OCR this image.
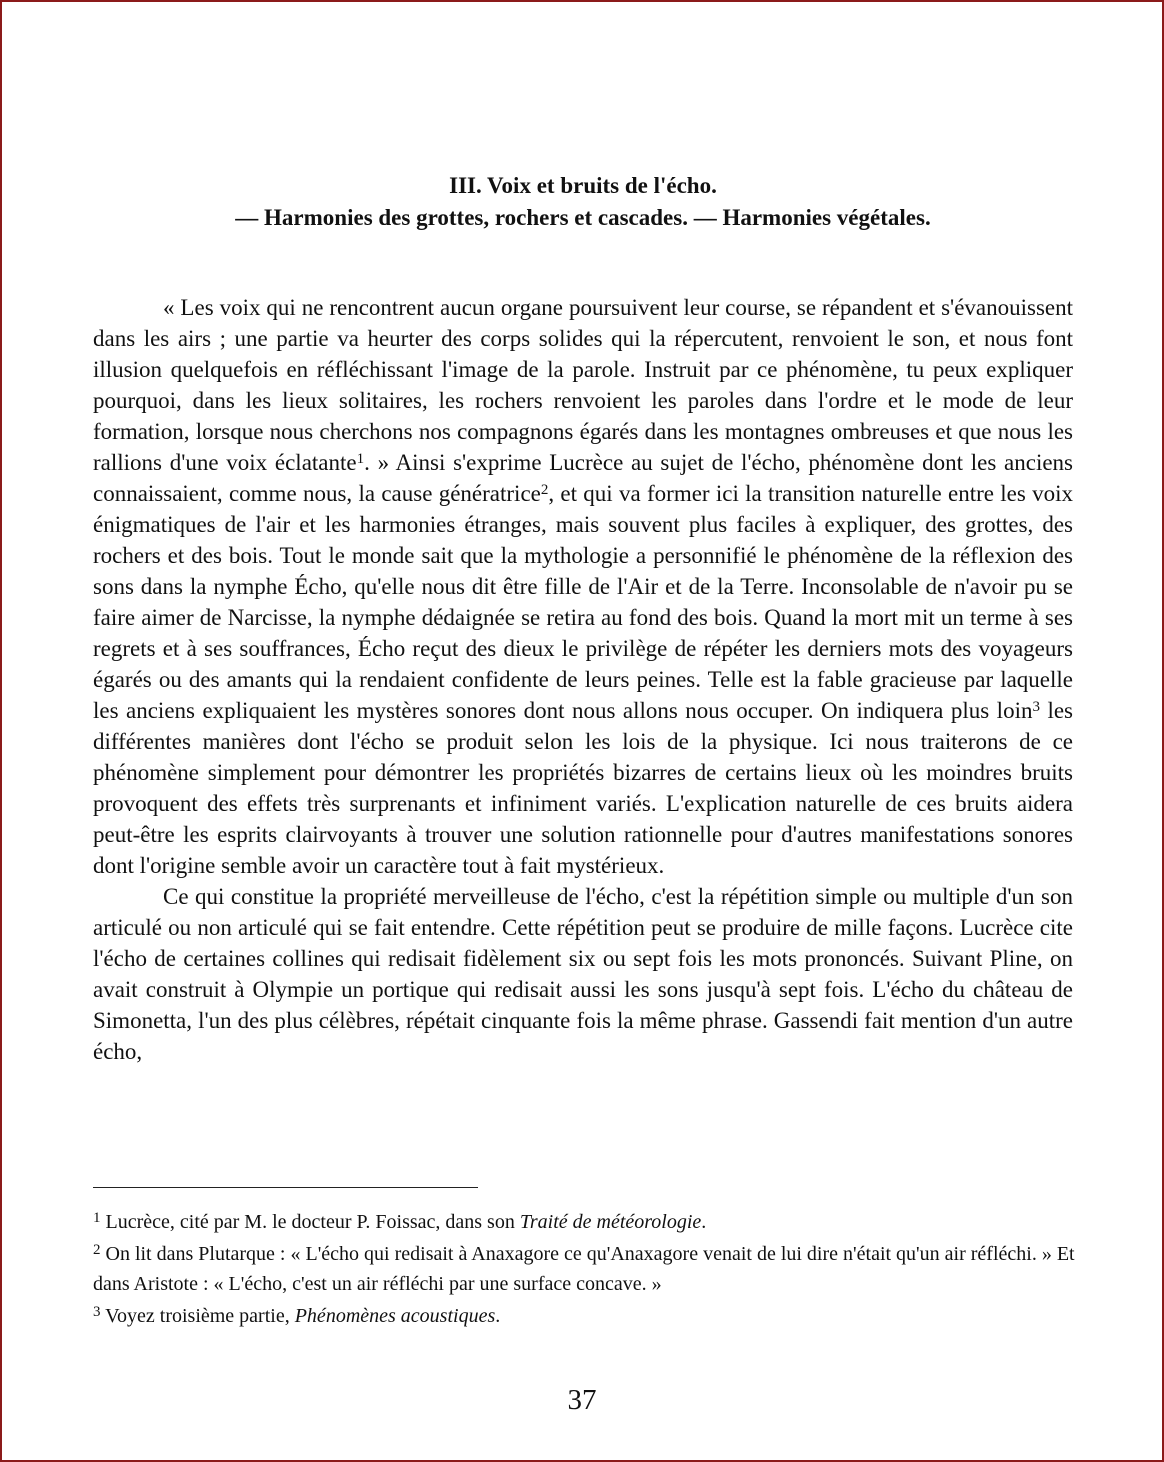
III. Voix et bruits de l'écho.
— Harmonies des grottes, rochers et cascades. — Harmonies végétales.

« Les voix qui ne rencontrent aucun organe poursuivent leur course, se répandent et s'évanouissent dans les airs ; une partie va heurter des corps solides qui la répercutent, renvoient le son, et nous font illusion quelquefois en réfléchissant l'image de la parole. Instruit par ce phénomène, tu peux expliquer pourquoi, dans les lieux solitaires, les rochers renvoient les paroles dans l'ordre et le mode de leur formation, lorsque nous cherchons nos compagnons égarés dans les montagnes ombreuses et que nous les rallions d'une voix éclatante$^1$. » Ainsi s'exprime Lucrèce au sujet de l'écho, phénomène dont les anciens connaissaient, comme nous, la cause génératrice$^2$, et qui va former ici la transition naturelle entre les voix énigmatiques de l'air et les harmonies étranges, mais souvent plus faciles à expliquer, des grottes, des rochers et des bois. Tout le monde sait que la mythologie a personnifié le phénomène de la réflexion des sons dans la nymphe Écho, qu'elle nous dit être fille de l'Air et de la Terre. Inconsolable de n'avoir pu se faire aimer de Narcisse, la nymphe dédaignée se retira au fond des bois. Quand la mort mit un terme à ses regrets et à ses souffrances, Écho reçut des dieux le privilège de répéter les derniers mots des voyageurs égarés ou des amants qui la rendaient confidente de leurs peines. Telle est la fable gracieuse par laquelle les anciens expliquaient les mystères sonores dont nous allons nous occuper. On indiquera plus loin$^3$ les différentes manières dont l'écho se produit selon les lois de la physique. Ici nous traiterons de ce phénomène simplement pour démontrer les propriétés bizarres de certains lieux où les moindres bruits provoquent des effets très surprenants et infiniment variés. L'explication naturelle de ces bruits aidera peut-être les esprits clairvoyants à trouver une solution rationnelle pour d'autres manifestations sonores dont l'origine semble avoir un caractère tout à fait mystérieux.

Ce qui constitue la propriété merveilleuse de l'écho, c'est la répétition simple ou multiple d'un son articulé ou non articulé qui se fait entendre. Cette répétition peut se produire de mille façons. Lucrèce cite l'écho de certaines collines qui redisait fidèlement six ou sept fois les mots prononcés. Suivant Pline, on avait construit à Olympie un portique qui redisait aussi les sons jusqu'à sept fois. L'écho du château de Simonetta, l'un des plus célèbres, répétait cinquante fois la même phrase. Gassendi fait mention d'un autre écho,

$^1$ Lucrèce, cité par M. le docteur P. Foissac, dans son Traité de météorologie.

$^2$ On lit dans Plutarque : « L'écho qui redisait à Anaxagore ce qu'Anaxagore venait de lui dire n'était qu'un air réfléchi. » Et dans Aristote : « L'écho, c'est un air réfléchi par une surface concave. »

$^3$ Voyez troisième partie, Phénomènes acoustiques.

37
